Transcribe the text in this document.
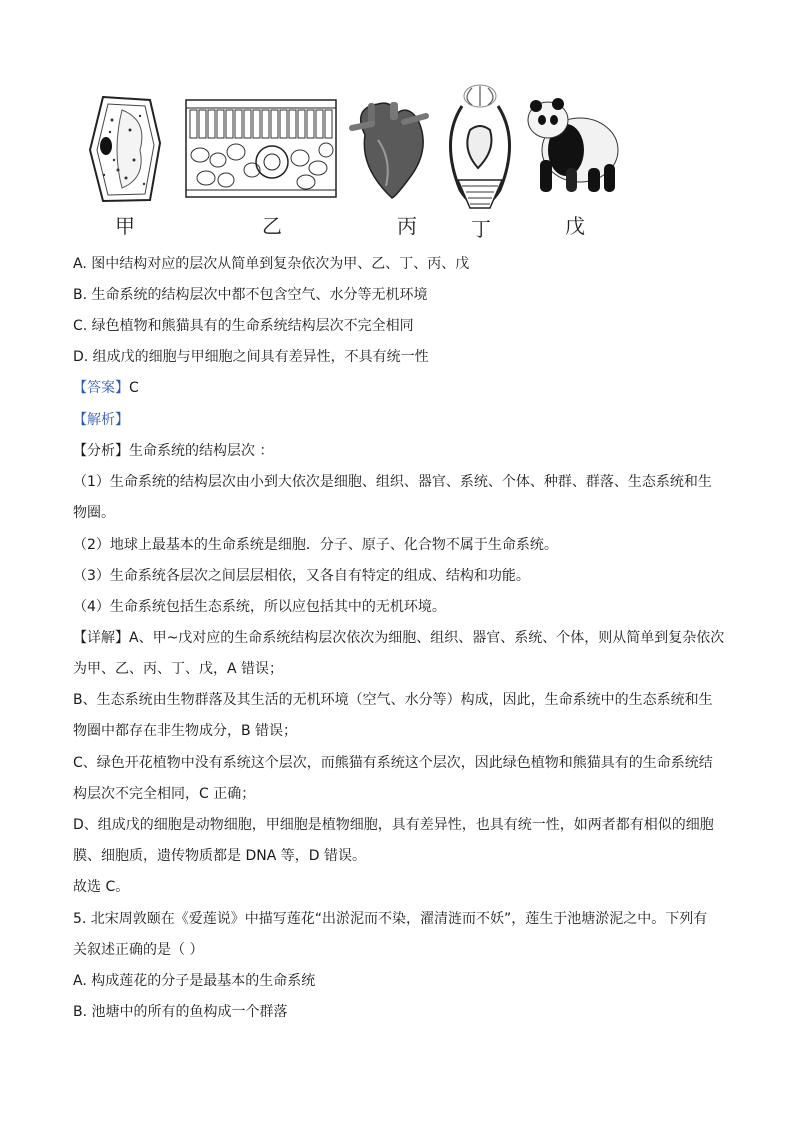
甲	乙	丙	丁	戊
A. 图中结构对应的层次从简单到复杂依次为甲、乙、丁、丙、戊
B. 生命系统的结构层次中都不包含空气、水分等无机环境
C. 绿色植物和熊猫具有的生命系统结构层次不完全相同
D. 组成戊的细胞与甲细胞之间具有差异性，不具有统一性
【答案】C
【解析】
【分析】生命系统的结构层次 ：
（1）生命系统的结构层次由小到大依次是细胞、组织、器官、系统、个体、种群、群落、生态系统和生
物圈。
（2）地球上最基本的生命系统是细胞．分子、原子、化合物不属于生命系统。
（3）生命系统各层次之间层层相依，又各自有特定的组成、结构和功能。
（4）生命系统包括生态系统，所以应包括其中的无机环境。
【详解】A、甲~戊对应的生命系统结构层次依次为细胞、组织、器官、系统、个体，则从简单到复杂依次
为甲、乙、丙、丁、戊，A 错误；
B、生态系统由生物群落及其生活的无机环境（空气、水分等）构成，因此，生命系统中的生态系统和生
物圈中都存在非生物成分，B 错误；
C、绿色开花植物中没有系统这个层次，而熊猫有系统这个层次，因此绿色植物和熊猫具有的生命系统结
构层次不完全相同，C 正确；
D、组成戊的细胞是动物细胞，甲细胞是植物细胞，具有差异性，也具有统一性，如两者都有相似的细胞
膜、细胞质，遗传物质都是 DNA 等，D 错误。
故选 C。
5. 北宋周敦颐在《爱莲说》中描写莲花“出淤泥而不染，濯清涟而不妖”，莲生于池塘淤泥之中。下列有
关叙述正确的是（ ）
A. 构成莲花的分子是最基本的生命系统
B. 池塘中的所有的鱼构成一个群落
